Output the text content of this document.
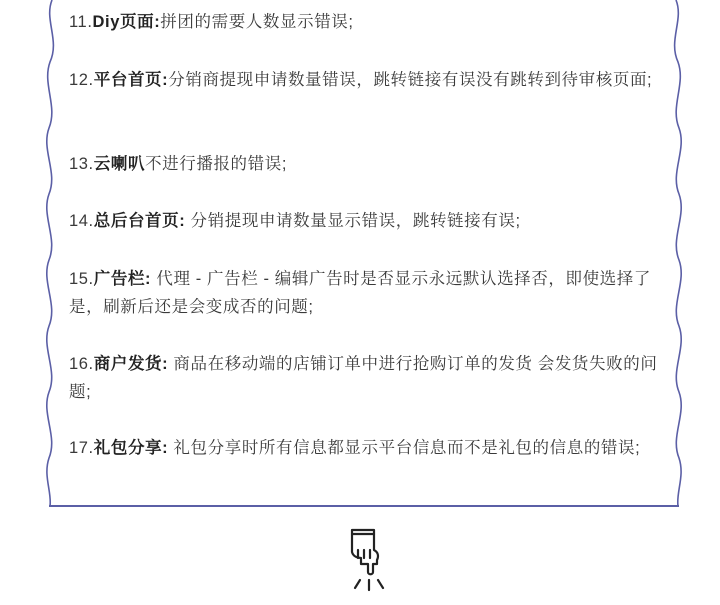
11.Diy页面:拼团的需要人数显示错误;

12.平台首页:分销商提现申请数量错误，跳转链接有误没有跳转到待审核页面;

13.云喇叭不进行播报的错误;

14.总后台首页: 分销提现申请数量显示错误，跳转链接有误;

15.广告栏: 代理 - 广告栏 - 编辑广告时是否显示永远默认选择否，即使选择了是，刷新后还是会变成否的问题;

16.商户发货: 商品在移动端的店铺订单中进行抢购订单的发货 会发货失败的问题;

17.礼包分享: 礼包分享时所有信息都显示平台信息而不是礼包的信息的错误;
